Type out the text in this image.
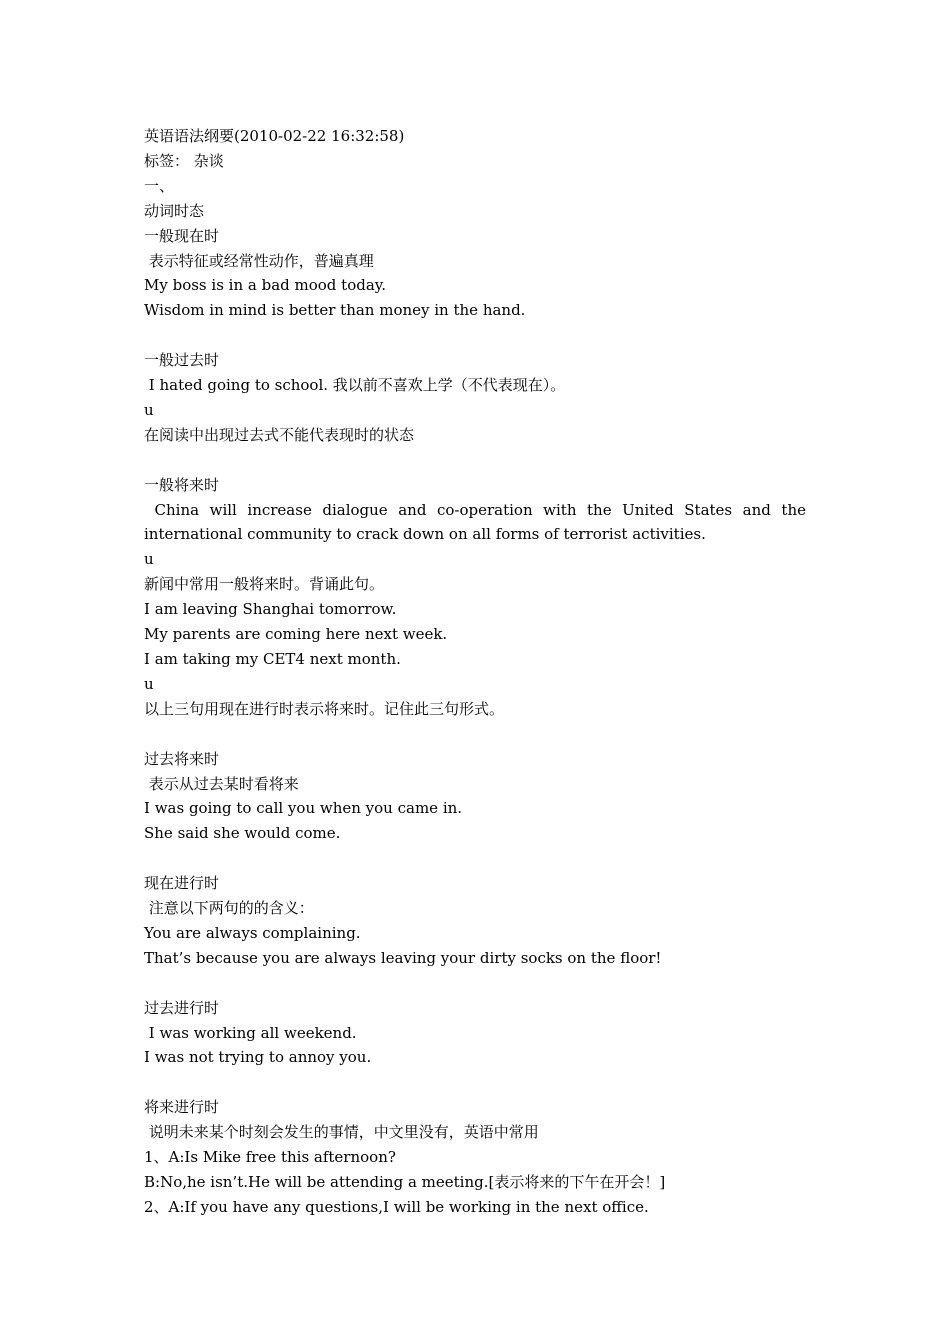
英语语法纲要(2010-02-22 16:32:58)
标签： 杂谈
一、
动词时态
一般现在时
表示特征或经常性动作，普遍真理
My boss is in a bad mood today.
Wisdom in mind is better than money in the hand.
一般过去时
I hated going to school. 我以前不喜欢上学（不代表现在）。
u
在阅读中出现过去式不能代表现时的状态
一般将来时
China will increase dialogue and co-operation with the United States and the international community to crack down on all forms of terrorist activities.
u
新闻中常用一般将来时。背诵此句。
I am leaving Shanghai tomorrow.
My parents are coming here next week.
I am taking my CET4 next month.
u
以上三句用现在进行时表示将来时。记住此三句形式。
过去将来时
表示从过去某时看将来
I was going to call you when you came in.
She said she would come.
现在进行时
注意以下两句的的含义：
You are always complaining.
That’s because you are always leaving your dirty socks on the floor!
过去进行时
I was working all weekend.
I was not trying to annoy you.
将来进行时
说明未来某个时刻会发生的事情，中文里没有，英语中常用
1、A:Is Mike free this afternoon?
B:No,he isn’t.He will be attending a meeting.[表示将来的下午在开会！]
2、A:If you have any questions,I will be working in the next office.
